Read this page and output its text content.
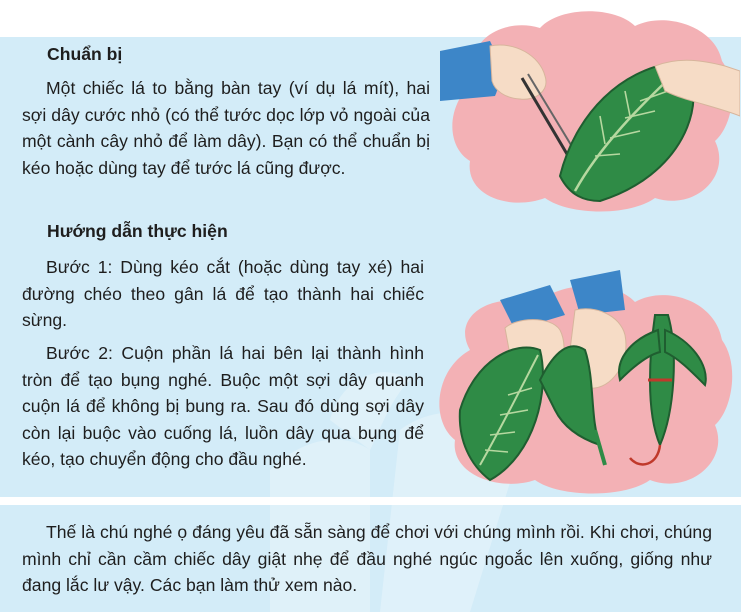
Chuẩn bị

Một chiếc lá to bằng bàn tay (ví dụ lá mít), hai sợi dây cước nhỏ (có thể tước dọc lớp vỏ ngoài của một cành cây nhỏ để làm dây). Bạn có thể chuẩn bị kéo hoặc dùng tay để tước lá cũng được.

Hướng dẫn thực hiện

Bước 1: Dùng kéo cắt (hoặc dùng tay xé) hai đường chéo theo gân lá để tạo thành hai chiếc sừng.

Bước 2: Cuộn phần lá hai bên lại thành hình tròn để tạo bụng nghé. Buộc một sợi dây quanh cuộn lá để không bị bung ra. Sau đó dùng sợi dây còn lại buộc vào cuống lá, luồn dây qua bụng để kéo, tạo chuyển động cho đầu nghé.

Thế là chú nghé ọ đáng yêu đã sẵn sàng để chơi với chúng mình rồi. Khi chơi, chúng mình chỉ cần cầm chiếc dây giật nhẹ để đầu nghé ngúc ngoắc lên xuống, giống như đang lắc lư vậy. Các bạn làm thử xem nào.
